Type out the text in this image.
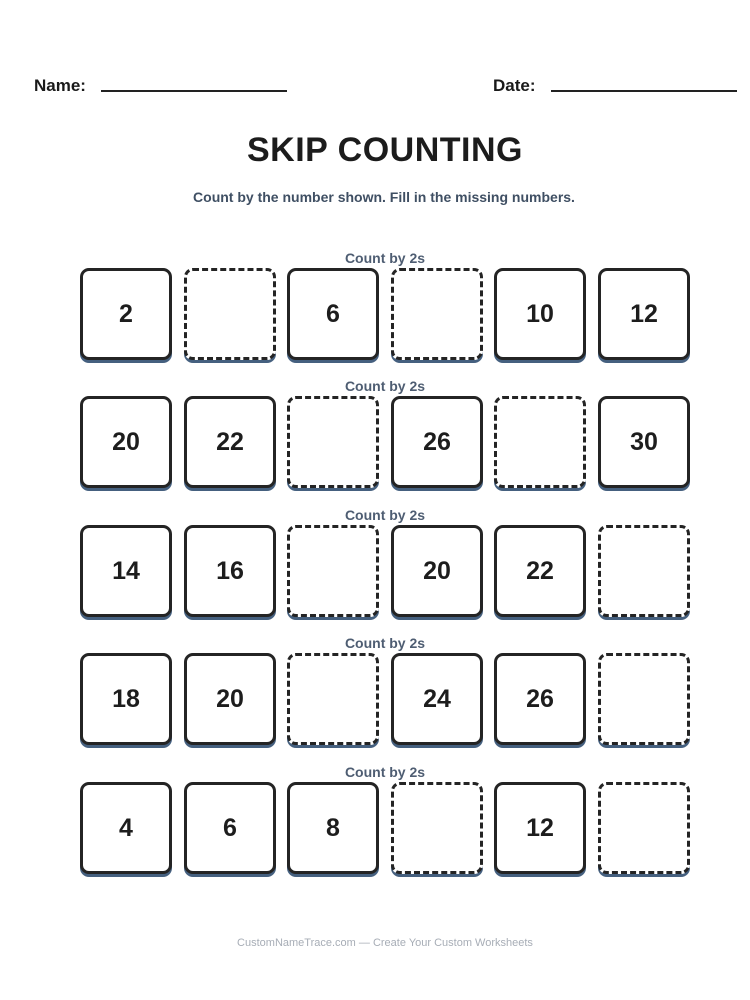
Name:	Date:
SKIP COUNTING
Count by the number shown. Fill in the missing numbers.
Count by 2s
2	6	10	12
Count by 2s
20	22	26	30
Count by 2s
14	16	20	22
Count by 2s
18	20	24	26
Count by 2s
4	6	8	12
CustomNameTrace.com — Create Your Custom Worksheets
